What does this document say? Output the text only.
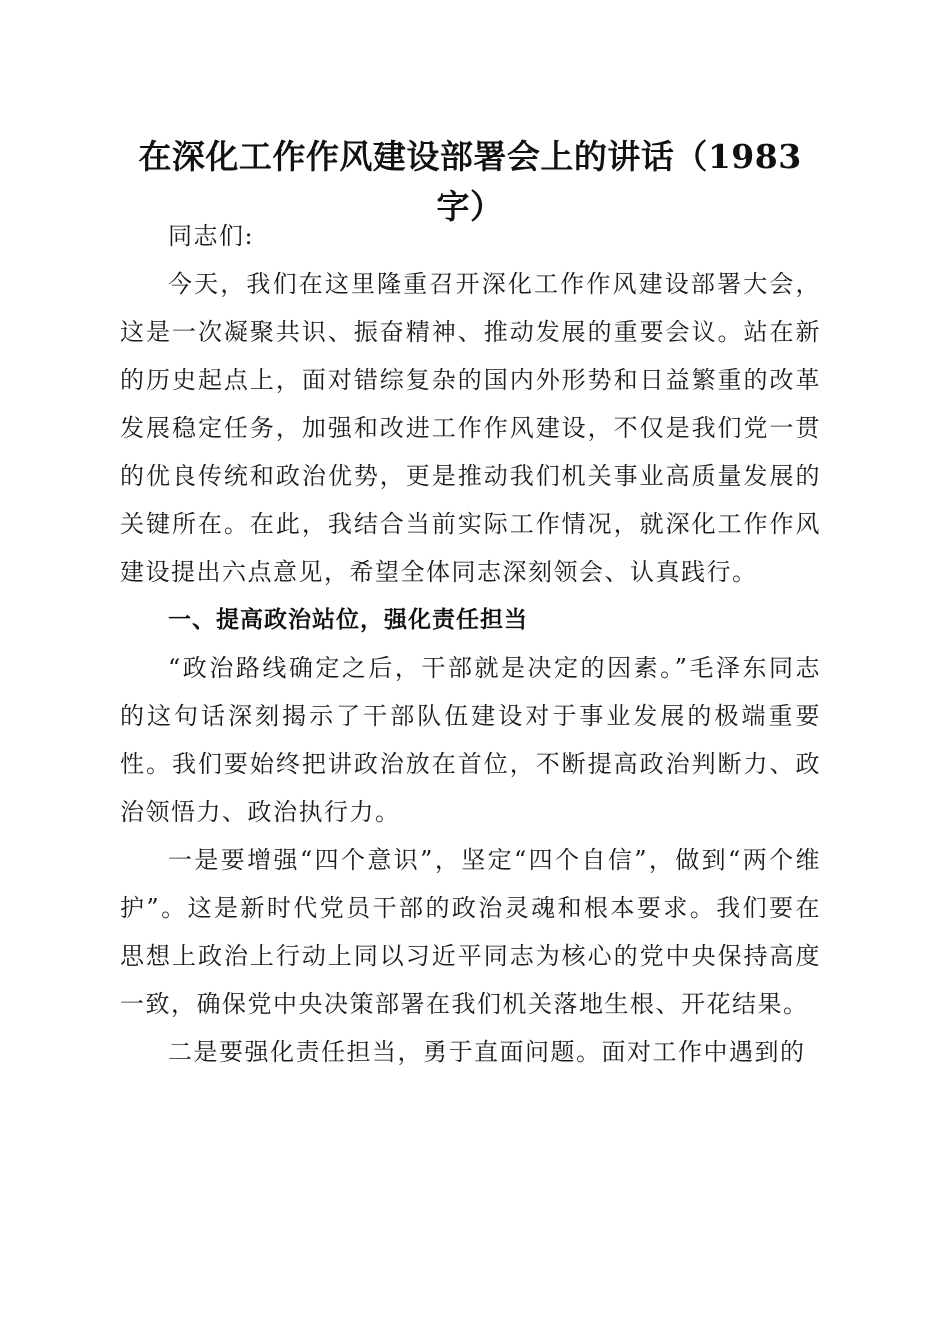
在深化工作作风建设部署会上的讲话（1983字）

同志们:

今天，我们在这里隆重召开深化工作作风建设部署大会，这是一次凝聚共识、振奋精神、推动发展的重要会议。站在新的历史起点上，面对错综复杂的国内外形势和日益繁重的改革发展稳定任务，加强和改进工作作风建设，不仅是我们党一贯的优良传统和政治优势，更是推动我们机关事业高质量发展的关键所在。在此，我结合当前实际工作情况，就深化工作作风建设提出六点意见，希望全体同志深刻领会、认真践行。

一、提高政治站位，强化责任担当

“政治路线确定之后，干部就是决定的因素。”毛泽东同志的这句话深刻揭示了干部队伍建设对于事业发展的极端重要性。我们要始终把讲政治放在首位，不断提高政治判断力、政治领悟力、政治执行力。

一是要增强“四个意识”，坚定“四个自信”，做到“两个维护”。这是新时代党员干部的政治灵魂和根本要求。我们要在思想上政治上行动上同以习近平同志为核心的党中央保持高度一致，确保党中央决策部署在我们机关落地生根、开花结果。

二是要强化责任担当，勇于直面问题。面对工作中遇到的
